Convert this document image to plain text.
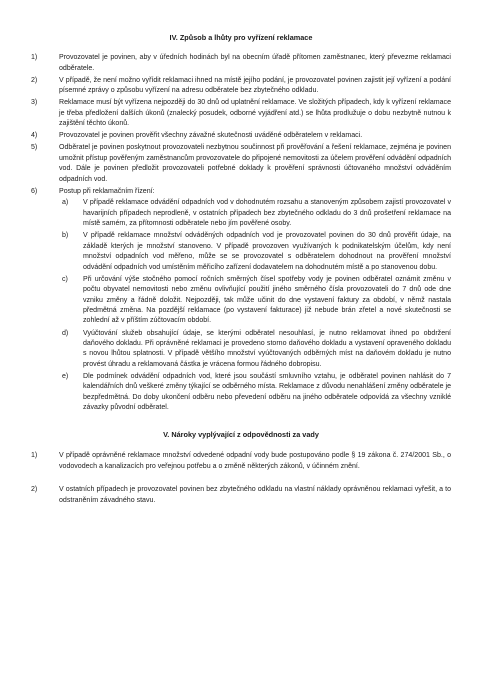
IV. Způsob a lhůty pro vyřízení reklamace
1)	Provozovatel je povinen, aby v úředních hodinách byl na obecním úřadě přítomen zaměstnanec, který převezme reklamaci odběratele.
2)	V případě, že není možno vyřídit reklamaci ihned na místě jejího podání, je provozovatel povinen zajistit její vyřízení a podání písemné zprávy o způsobu vyřízení na adresu odběratele bez zbytečného odkladu.
3)	Reklamace musí být vyřízena nejpozději do 30 dnů od uplatnění reklamace. Ve složitých případech, kdy k vyřízení reklamace je třeba předložení dalších úkonů (znalecký posudek, odborné vyjádření atd.) se lhůta prodlužuje o dobu nezbytně nutnou k zajištění těchto úkonů.
4)	Provozovatel je povinen prověřit všechny závažné skutečnosti uváděné odběratelem v reklamaci.
5)	Odběratel je povinen poskytnout provozovateli nezbytnou součinnost při prověřování a řešení reklamace, zejména je povinen umožnit přístup pověřeným zaměstnancům provozovatele do připojené nemovitosti za účelem prověření odvádění odpadních vod. Dále je povinen předložit provozovateli potřebné doklady k prověření správnosti účtovaného množství odváděním odpadních vod.
6)	Postup při reklamačním řízení:
a) V případě reklamace odvádění odpadních vod v dohodnutém rozsahu a stanoveným způsobem zajistí provozovatel v havarijních případech neprodleně, v ostatních případech bez zbytečného odkladu do 3 dnů prošetření reklamace na místě samém, za přítomnosti odběratele nebo jím pověřené osoby.
b) V případě reklamace množství odváděných odpadních vod je provozovatel povinen do 30 dnů prověřit údaje, na základě kterých je množství stanoveno. V případě provozoven využívaných k podnikatelským účelům, kdy není množství odpadních vod měřeno, může se se provozovatel s odběratelem dohodnout na prověření množství odvádění odpadních vod umístěním měřicího zařízení dodavatelem na dohodnutém místě a po stanovenou dobu.
c) Při určování výše stočného pomocí ročních směrných čísel spotřeby vody je povinen odběratel oznámit změnu v počtu obyvatel nemovitosti nebo změnu ovlivňující použití jiného směrného čísla provozovateli do 7 dnů ode dne vzniku změny a řádně doložit. Nejpozději, tak může učinit do dne vystavení faktury za období, v němž nastala předmětná změna. Na pozdější reklamace (po vystavení fakturace) již nebude brán zřetel a nové skutečnosti se zohlední až v příštím zúčtovacím období.
d) Vyúčtování služeb obsahující údaje, se kterými odběratel nesouhlasí, je nutno reklamovat ihned po obdržení daňového dokladu. Při oprávněné reklamaci je provedeno storno daňového dokladu a vystavení opraveného dokladu s novou lhůtou splatnosti. V případě většího množství vyúčtovaných odběrných míst na daňovém dokladu je nutno provést úhradu a reklamovaná částka je vrácena formou řádného dobropisu.
e) Dle podmínek odvádění odpadních vod, které jsou součástí smluvního vztahu, je odběratel povinen nahlásit do 7 kalendářních dnů veškeré změny týkající se odběrného místa. Reklamace z důvodu nenahlášení změny odběratele je bezpředmětná. Do doby ukončení odběru nebo převedení odběru na jiného odběratele odpovídá za všechny vzniklé závazky původní odběratel.
V. Nároky vyplývající z odpovědnosti za vady
1)	V případě oprávněné reklamace množství odvedené odpadní vody bude postupováno podle § 19 zákona č. 274/2001 Sb., o vodovodech a kanalizacích pro veřejnou potřebu a o změně některých zákonů, v účinném znění.
2)	V ostatních případech je provozovatel povinen bez zbytečného odkladu na vlastní náklady oprávněnou reklamaci vyřešit, a to odstraněním závadného stavu.
